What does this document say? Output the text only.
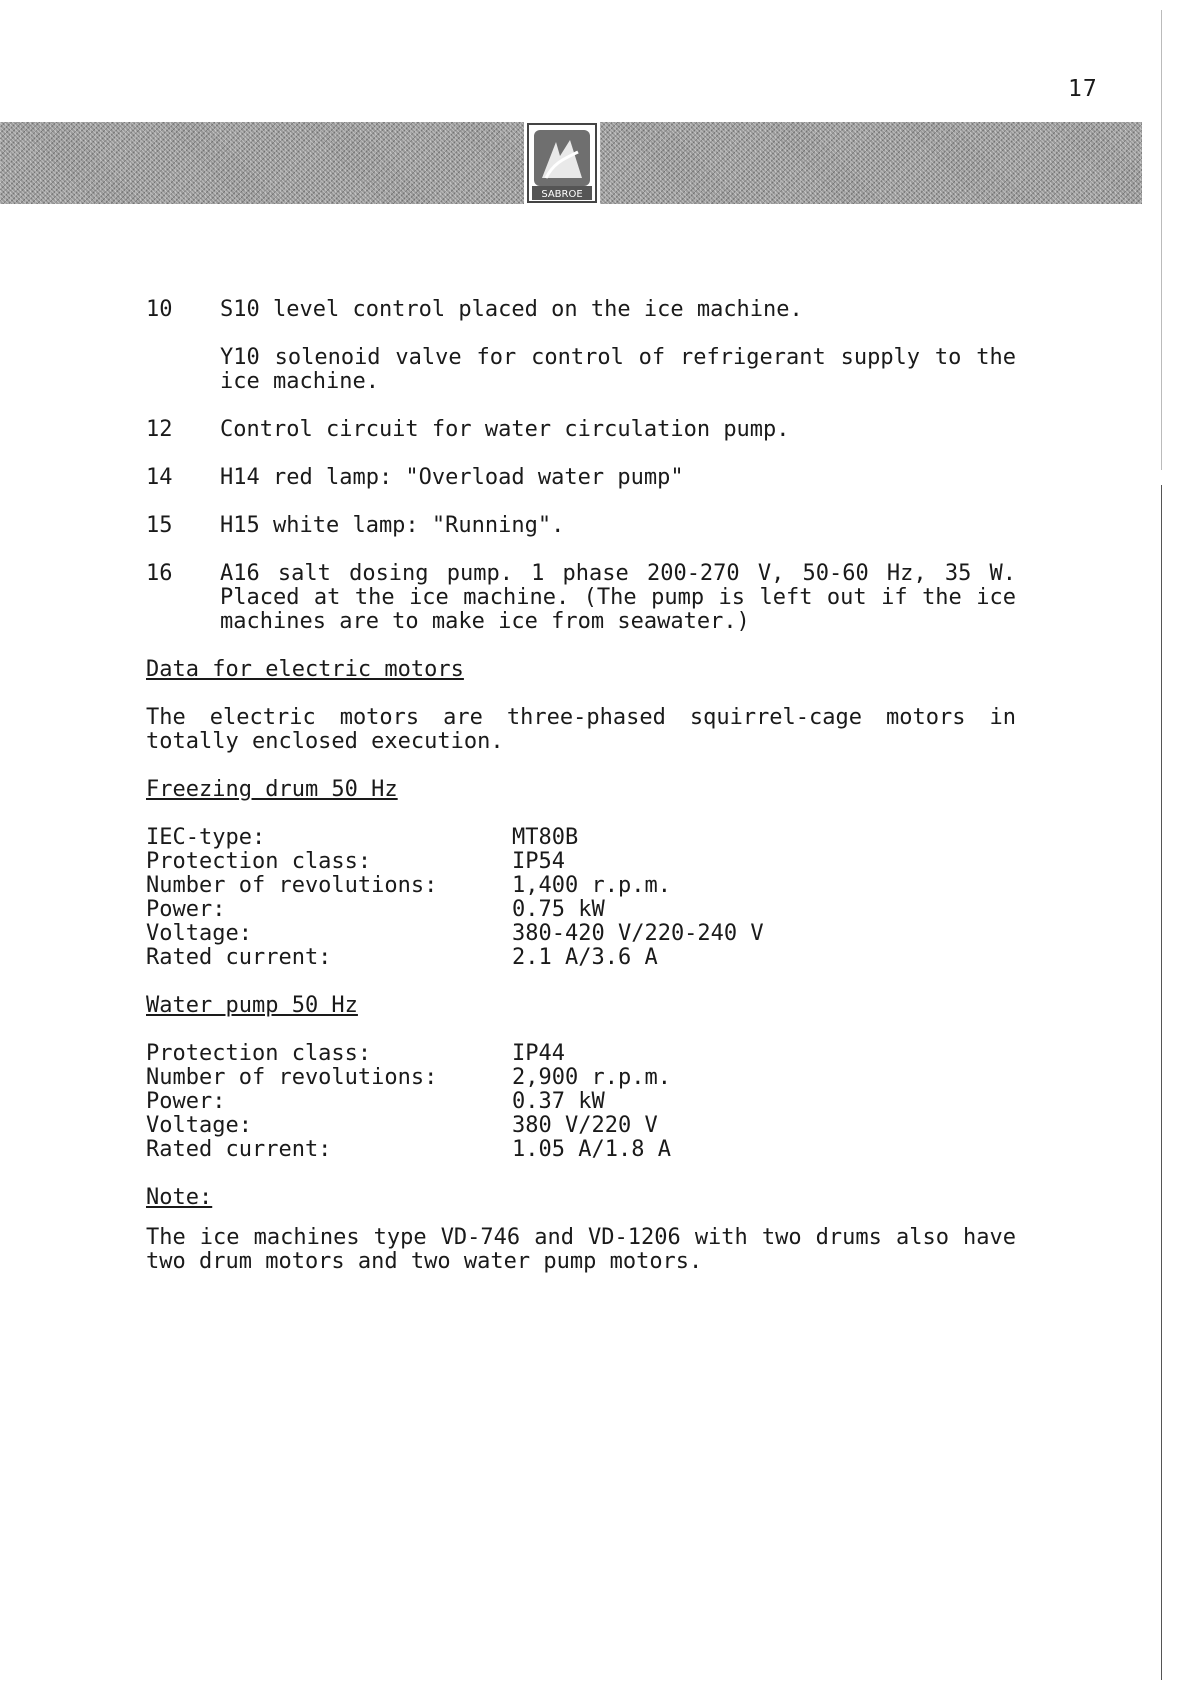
17
SABROE
10	S10 level control placed on the ice machine.
Y10 solenoid valve for control of refrigerant supply to the ice machine.
12	Control circuit for water circulation pump.
14	H14 red lamp: "Overload water pump"
15	H15 white lamp: "Running".
16	A16 salt dosing pump. 1 phase 200-270 V, 50-60 Hz, 35 W. Placed at the ice machine. (The pump is left out if the ice machines are to make ice from seawater.)
Data for electric motors
The electric motors are three-phased squirrel-cage motors in totally enclosed execution.
Freezing drum 50 Hz
IEC-type:	MT80B
Protection class:	IP54
Number of revolutions:	1,400 r.p.m.
Power:	0.75 kW
Voltage:	380-420 V/220-240 V
Rated current:	2.1 A/3.6 A
Water pump 50 Hz
Protection class:	IP44
Number of revolutions:	2,900 r.p.m.
Power:	0.37 kW
Voltage:	380 V/220 V
Rated current:	1.05 A/1.8 A
Note:
The ice machines type VD-746 and VD-1206 with two drums also have two drum motors and two water pump motors.
